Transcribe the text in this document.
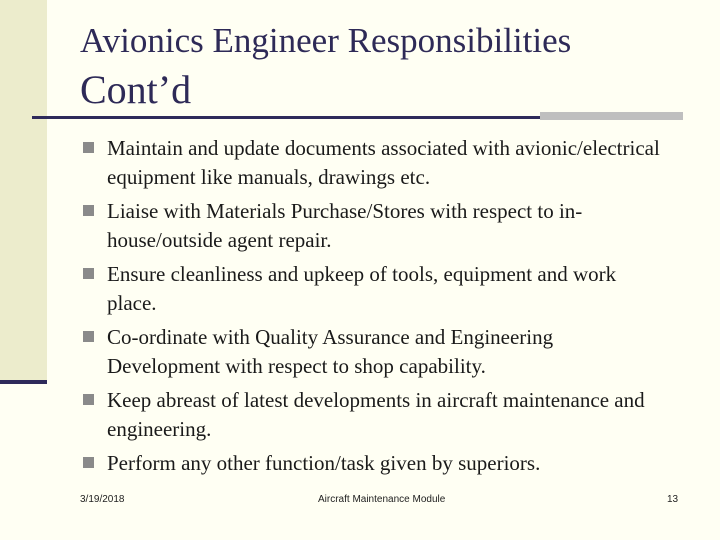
Avionics Engineer Responsibilities
Cont’d
Maintain and update documents associated with avionic/electrical equipment like manuals, drawings etc.
Liaise with Materials Purchase/Stores with respect to in-house/outside agent repair.
Ensure cleanliness and upkeep of tools, equipment and work place.
Co-ordinate with Quality Assurance and Engineering Development with respect to shop capability.
Keep abreast of latest developments in aircraft maintenance and engineering.
Perform any other function/task given by superiors.
3/19/2018	Aircraft Maintenance Module	13
